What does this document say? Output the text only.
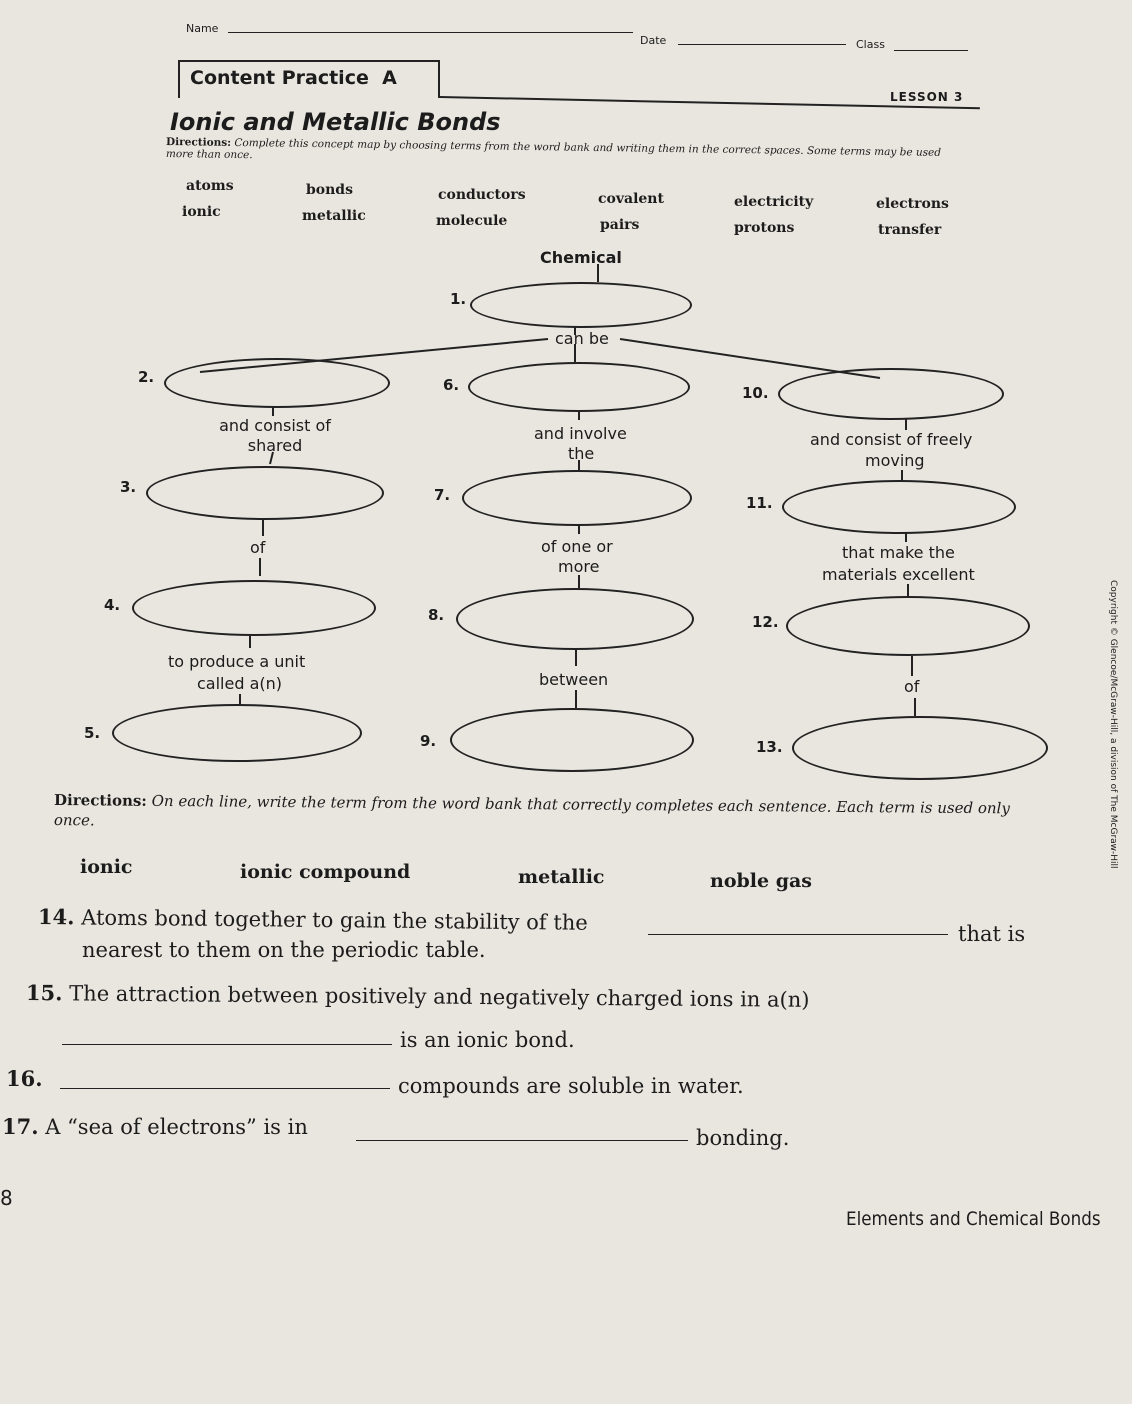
Name
Date	Class
Content Practice  A
LESSON 3
Ionic and Metallic Bonds
Directions: Complete this concept map by choosing terms from the word bank and writing them in the correct spaces. Some terms may be used more than once.
atoms	bonds	conductors	covalent	electricity	electrons
ionic	metallic	molecule	pairs	protons	transfer
Chemical
1.
can be
2.
and consist of shared
3.
of
4.
to produce a unit
called a(n)
5.
6.
and involve
the
7.
of one or
more
8.
between
9.
10.
and consist of freely
moving
11.
that make the
materials excellent
12.
of
13.	Copyright © Glencoe/McGraw-Hill, a division of The McGraw-Hill
Directions: On each line, write the term from the word bank that correctly completes each sentence. Each term is used only once.
ionic	ionic compound	metallic	noble gas
14. Atoms bond together to gain the stability of the	that is
nearest to them on the periodic table.
15. The attraction between positively and negatively charged ions in a(n)
is an ionic bond.
16.	compounds are soluble in water.
17. A “sea of electrons” is in	bonding.
8
Elements and Chemical Bonds
